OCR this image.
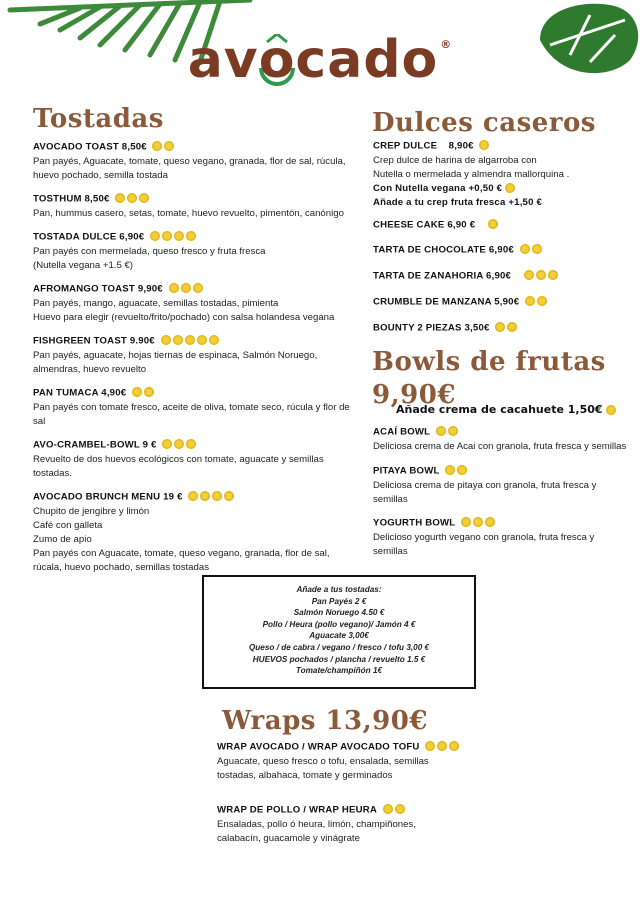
avocado ®
Tostadas
AVOCADO TOAST 8,50€
Pan payés, Aguacate, tomate, queso vegano, granada, flor de sal, rúcula,
huevo pochado, semilla tostada
TOSTHUM 8,50€
Pan, hummus casero, setas, tomate, huevo revuelto, pimentón, canónigo
TOSTADA DULCE 6,90€
Pan payés con mermelada, queso fresco y fruta fresca
(Nutella vegana +1.5 €)
AFROMANGO TOAST 9,90€
Pan payés, mango, aguacate, semillas tostadas, pimienta
Huevo para elegir (revuelto/frito/pochado) con salsa holandesa vegana
FISHGREEN TOAST 9.90€
Pan payés, aguacate, hojas tiernas de espinaca, Salmón Noruego,
almendras, huevo revuelto
PAN TUMACA 4,90€
Pan payés con tomate fresco, aceite de oliva, tomate seco, rúcula y flor de
sal
AVO-CRAMBEL-BOWL 9 €
Revuelto de dos huevos ecológicos con tomate, aguacate y semillas
tostadas.
AVOCADO BRUNCH MENU 19 €
Chupito de jengibre y limón
Café con galleta
Zumo de apio
Pan payés con Aguacate, tomate, queso vegano, granada, flor de sal,
rúcala, huevo pochado, semillas tostadas
Dulces caseros
CREP DULCE    8,90€
Crep dulce de harina de algarroba con
Nutella o mermelada y almendra mallorquina .
Con Nutella vegana +0,50 €
Añade a tu crep fruta fresca +1,50 €
CHEESE CAKE 6,90 €
TARTA DE CHOCOLATE 6,90€
TARTA DE ZANAHORIA 6,90€
CRUMBLE DE MANZANA 5,90€
BOUNTY 2 PIEZAS 3,50€
Bowls de frutas
9,90€
Añade crema de cacahuete 1,50€
ACAÍ BOWL
Deliciosa crema de Acai con granola, fruta fresca y semillas
PITAYA BOWL
Deliciosa crema de pitaya con granola, fruta fresca y
semillas
YOGURTH BOWL
Delicioso yogurth vegano con granola, fruta fresca y
semillas
Añade a tus tostadas:
Pan Payés 2 €
Salmón Noruego 4.50 €
Pollo / Heura (pollo vegano)/ Jamón 4 €
Aguacate 3,00€
Queso / de cabra / vegano / fresco / tofu 3,00 €
HUEVOS pochados / plancha / revuelto 1.5 €
Tomate/champiñón 1€
Wraps 13,90€
WRAP AVOCADO / WRAP AVOCADO TOFU
Aguacate, queso fresco o tofu, ensalada, semillas
tostadas, albahaca, tomate y germinados
WRAP DE POLLO / WRAP HEURA
Ensaladas, pollo ó heura, limón, champiñones,
calabacín, guacamole y vinágrate
